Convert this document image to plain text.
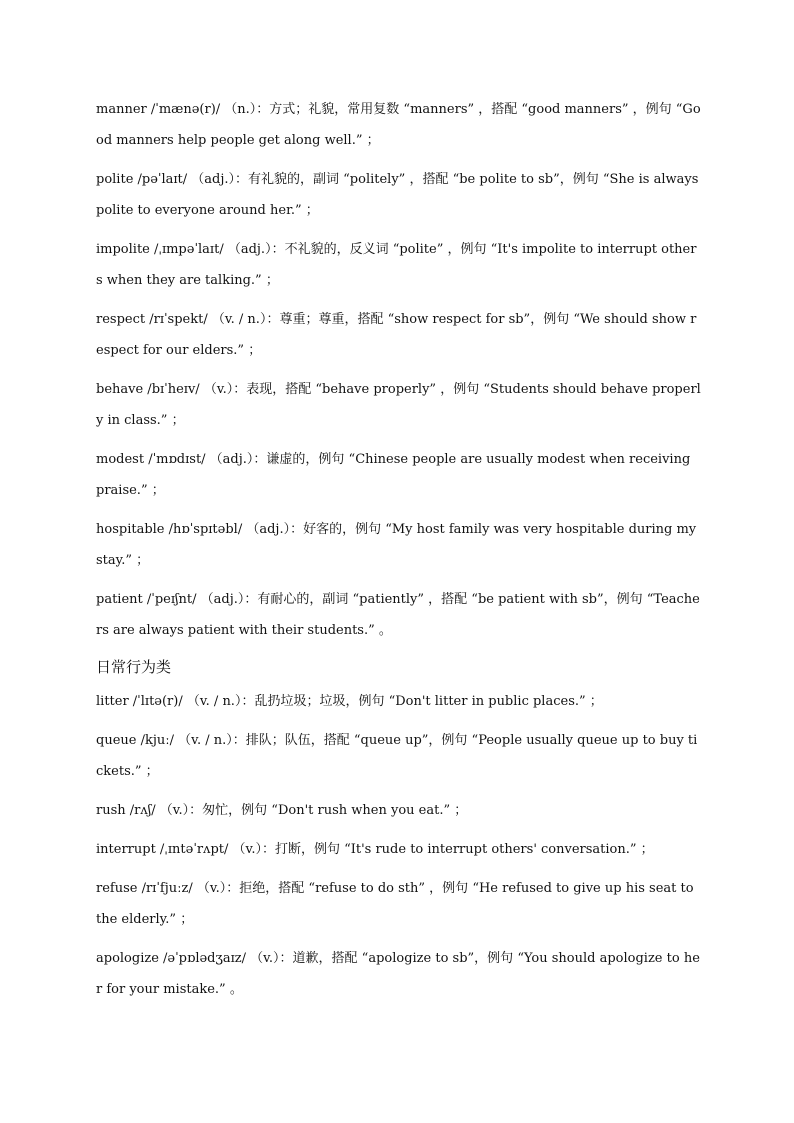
manner /ˈmænə(r)/ （n.）：方式；礼貌，常用复数 “manners” ，搭配 “good manners” ，例句 “Good manners help people get along well.” ；

polite /pəˈlaɪt/ （adj.）：有礼貌的，副词 “politely” ，搭配 “be polite to sb”，例句 “She is always polite to everyone around her.” ；

impolite /ˌɪmpəˈlaɪt/ （adj.）：不礼貌的，反义词 “polite” ，例句 “It's impolite to interrupt others when they are talking.” ；

respect /rɪˈspekt/ （v. / n.）：尊重；尊重，搭配 “show respect for sb”，例句 “We should show respect for our elders.” ；

behave /bɪˈheɪv/ （v.）：表现，搭配 “behave properly” ，例句 “Students should behave properly in class.” ；

modest /ˈmɒdɪst/ （adj.）：谦虚的，例句 “Chinese people are usually modest when receiving praise.” ；

hospitable /hɒˈspɪtəbl/ （adj.）：好客的，例句 “My host family was very hospitable during my stay.” ；

patient /ˈpeɪʃnt/ （adj.）：有耐心的，副词 “patiently” ，搭配 “be patient with sb”，例句 “Teachers are always patient with their students.” 。

日常行为类

litter /ˈlɪtə(r)/ （v. / n.）：乱扔垃圾；垃圾，例句 “Don't litter in public places.” ；

queue /kjuː/ （v. / n.）：排队；队伍，搭配 “queue up”，例句 “People usually queue up to buy tickets.” ；

rush /rʌʃ/ （v.）：匆忙，例句 “Don't rush when you eat.” ；

interrupt /ˌɪntəˈrʌpt/ （v.）：打断，例句 “It's rude to interrupt others' conversation.” ；

refuse /rɪˈfjuːz/ （v.）：拒绝，搭配 “refuse to do sth” ，例句 “He refused to give up his seat to the elderly.” ；

apologize /əˈpɒlədʒaɪz/ （v.）：道歉，搭配 “apologize to sb”，例句 “You should apologize to her for your mistake.” 。
